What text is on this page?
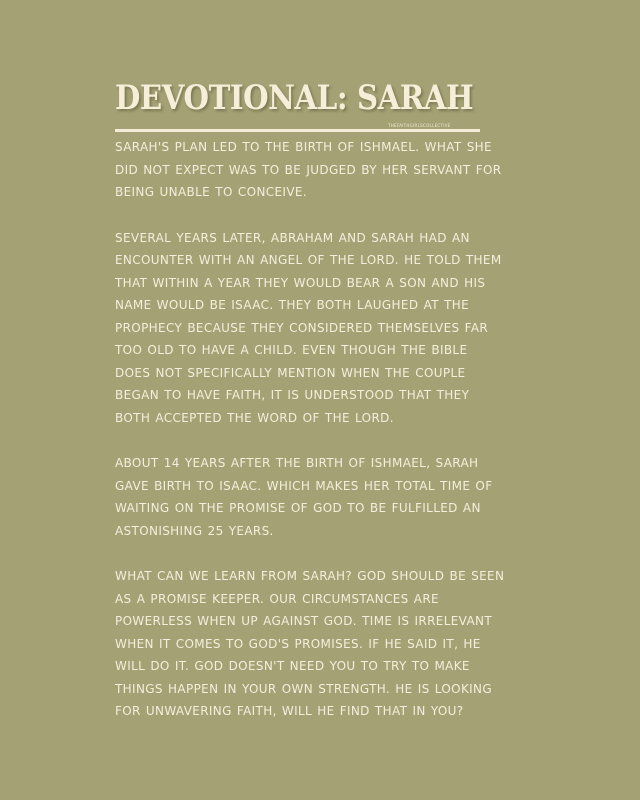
DEVOTIONAL: SARAH
THEFAITHGIRLSCOLLECTIVE

SARAH'S PLAN LED TO THE BIRTH OF ISHMAEL. WHAT SHE DID NOT EXPECT WAS TO BE JUDGED BY HER SERVANT FOR BEING UNABLE TO CONCEIVE.

SEVERAL YEARS LATER, ABRAHAM AND SARAH HAD AN ENCOUNTER WITH AN ANGEL OF THE LORD. HE TOLD THEM THAT WITHIN A YEAR THEY WOULD BEAR A SON AND HIS NAME WOULD BE ISAAC. THEY BOTH LAUGHED AT THE PROPHECY BECAUSE THEY CONSIDERED THEMSELVES FAR TOO OLD TO HAVE A CHILD. EVEN THOUGH THE BIBLE DOES NOT SPECIFICALLY MENTION WHEN THE COUPLE BEGAN TO HAVE FAITH, IT IS UNDERSTOOD THAT THEY BOTH ACCEPTED THE WORD OF THE LORD.

ABOUT 14 YEARS AFTER THE BIRTH OF ISHMAEL, SARAH GAVE BIRTH TO ISAAC. WHICH MAKES HER TOTAL TIME OF WAITING ON THE PROMISE OF GOD TO BE FULFILLED AN ASTONISHING 25 YEARS.

WHAT CAN WE LEARN FROM SARAH? GOD SHOULD BE SEEN AS A PROMISE KEEPER. OUR CIRCUMSTANCES ARE POWERLESS WHEN UP AGAINST GOD. TIME IS IRRELEVANT WHEN IT COMES TO GOD'S PROMISES. IF HE SAID IT, HE WILL DO IT. GOD DOESN'T NEED YOU TO TRY TO MAKE THINGS HAPPEN IN YOUR OWN STRENGTH. HE IS LOOKING FOR UNWAVERING FAITH, WILL HE FIND THAT IN YOU?
